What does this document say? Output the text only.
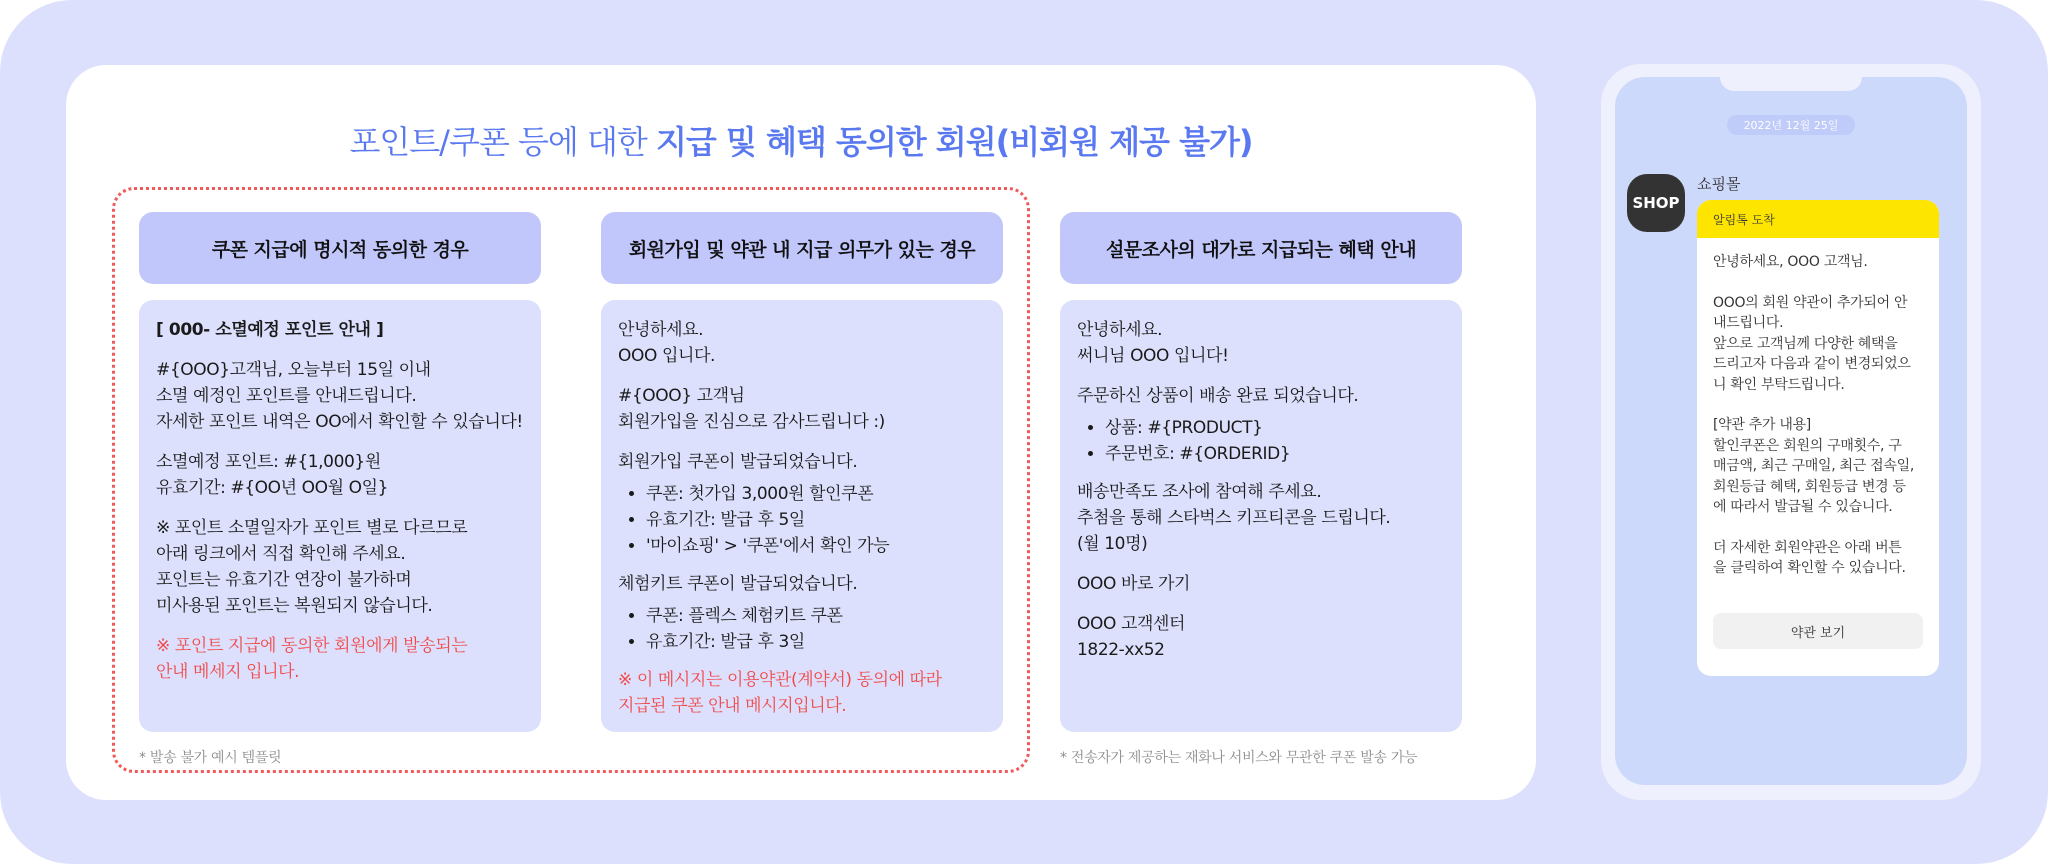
포인트/쿠폰 등에 대한 지급 및 혜택 동의한 회원(비회원 제공 불가)
쿠폰 지급에 명시적 동의한 경우

[ 000- 소멸예정 포인트 안내 ]

#{OOO}고객님, 오늘부터 15일 이내
소멸 예정인 포인트를 안내드립니다.
자세한 포인트 내역은 OO에서 확인할 수 있습니다!

소멸예정 포인트: #{1,000}원
유효기간: #{OO년 OO월 O일}

※ 포인트 소멸일자가 포인트 별로 다르므로
아래 링크에서 직접 확인해 주세요.
포인트는 유효기간 연장이 불가하며
미사용된 포인트는 복원되지 않습니다.

※ 포인트 지급에 동의한 회원에게 발송되는
안내 메세지 입니다.

회원가입 및 약관 내 지급 의무가 있는 경우

안녕하세요.
OOO 입니다.

#{OOO} 고객님
회원가입을 진심으로 감사드립니다 :)

회원가입 쿠폰이 발급되었습니다.

• 쿠폰: 첫가입 3,000원 할인쿠폰
• 유효기간: 발급 후 5일
• '마이쇼핑' > '쿠폰'에서 확인 가능

체험키트 쿠폰이 발급되었습니다.

• 쿠폰: 플렉스 체험키트 쿠폰
• 유효기간: 발급 후 3일

※ 이 메시지는 이용약관(계약서) 동의에 따라
지급된 쿠폰 안내 메시지입니다.

설문조사의 대가로 지급되는 혜택 안내

안녕하세요.
써니님 OOO 입니다!

주문하신 상품이 배송 완료 되었습니다.

• 상품: #{PRODUCT}
• 주문번호: #{ORDERID}

배송만족도 조사에 참여해 주세요.
추첨을 통해 스타벅스 키프티콘을 드립니다.
(월 10명)

OOO 바로 가기

OOO 고객센터
1822-xx52

* 발송 불가 예시 템플릿	* 전송자가 제공하는 재화나 서비스와 무관한 쿠폰 발송 가능
2022년 12월 25일
SHOP
쇼핑몰
알림톡 도착

안녕하세요, OOO 고객님.

OOO의 회원 약관이 추가되어 안
내드립니다.
앞으로 고객님께 다양한 혜택을
드리고자 다음과 같이 변경되었으
니 확인 부탁드립니다.

[약관 추가 내용]
할인쿠폰은 회원의 구매횟수, 구
매금액, 최근 구매일, 최근 접속일,
회원등급 혜택, 회원등급 변경 등
에 따라서 발급될 수 있습니다.

더 자세한 회원약관은 아래 버튼
을 클릭하여 확인할 수 있습니다.

약관 보기
